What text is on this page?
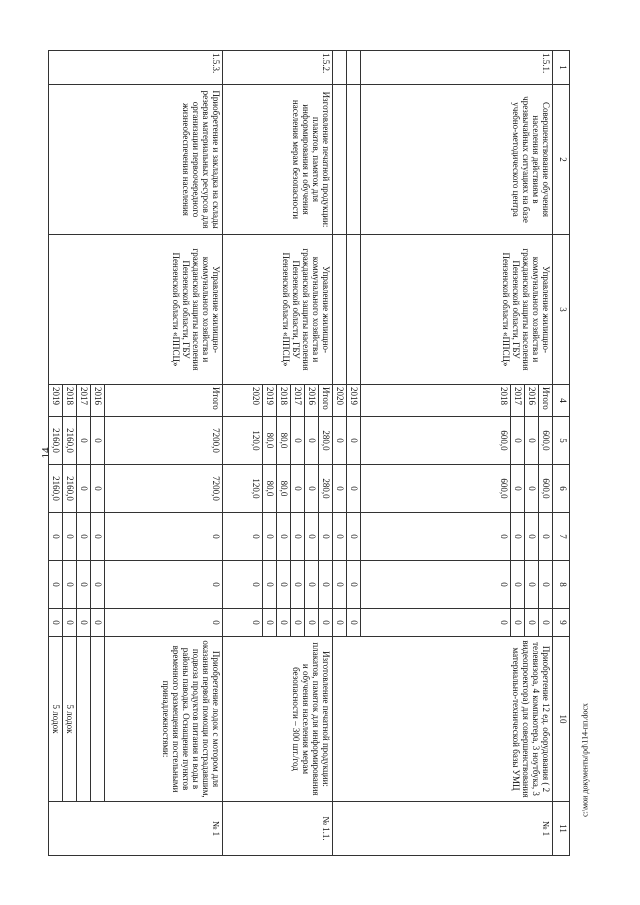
14
c:\мои документы\pd\114-пп.docx
1	2	3	4	5	6	7	8	9	10	11
1.5.1.	Совершенствование обучения населения действиям в чрезвычайных ситуациях на базе учебно-методического центра	Управление жилищно-коммунального хозяйства и гражданской защиты населения Пензенской области, ГБУ Пензенской области «ППСЦ»	Итого	600,0	600,0	0	0	0	Приобретение 12 ед. оборудования ( 2 телевизора, 4 компьютера, 3 ноутбука, 3 видеопроектора) для совершенствования материально-технической базы УМЦ	№ 1
			2016	0	0	0	0	0		
			2017	0	0	0	0	0		
			2018	600,0	600,0	0	0	0		
			2019	0	0	0	0	0		
			2020	0	0	0	0	0		
1.5.2.	Изготовление печатной продукции: плакатов, памяток для информирования и обучения населения мерам безопасности	Управление жилищно-коммунального хозяйства и гражданской защиты населения Пензенской области, ГБУ Пензенской области «ППСЦ»	Итого	280,0	280,0	0	0	0	Изготовление печатной продукции: плакатов, памяток для информирования и обучения населения мерам безопасности – 300 шт./год	№ 1.1.
			2016	0	0	0	0	0		
			2017	0	0	0	0	0		
			2018	80,0	80,0	0	0	0		
			2019	80,0	80,0	0	0	0		
			2020	120,0	120,0	0	0	0		
1.5.3.	Приобретение и закладка на склады резерва материальных ресурсов для организации первоочередного жизнеобеспечения населения	Управление жилищно-коммунального хозяйства и гражданской защиты населения Пензенской области, ГБУ Пензенской области «ППСЦ»	Итого	7200,0	7200,0	0	0	0	Приобретение лодок с мотором для оказания первой помощи пострадавшим, подвоза продуктов питания и воды в районы паводка. Оснащение пунктов временного размещения постельными принадлежностями:	№ 1
			2016	0	0	0	0	0		
			2017	0	0	0	0	0		
			2018	2160,0	2160,0	0	0	0	5 лодок	
			2019	2160,0	2160,0	0	0	0	5 лодок	
